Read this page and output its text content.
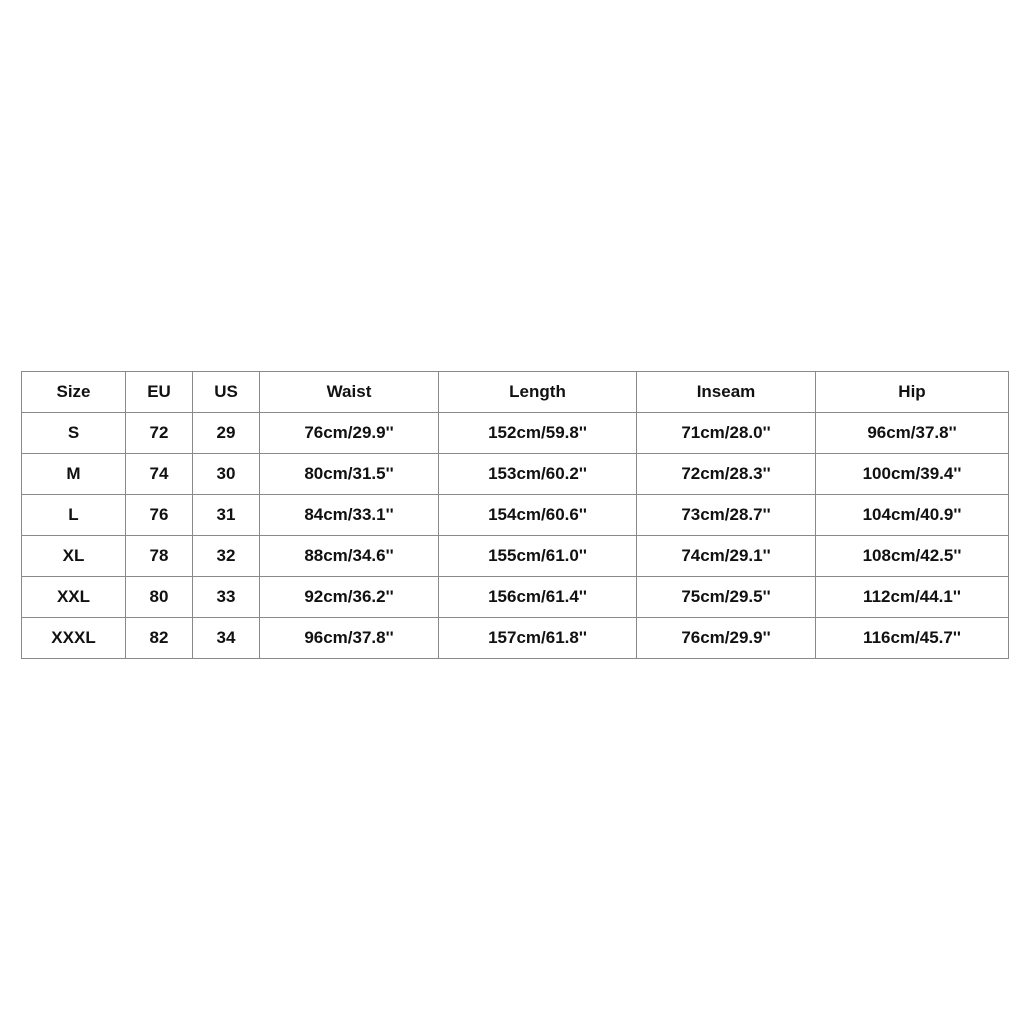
Size	EU	US	Waist	Length	Inseam	Hip
S	72	29	76cm/29.9''	152cm/59.8''	71cm/28.0''	96cm/37.8''
M	74	30	80cm/31.5''	153cm/60.2''	72cm/28.3''	100cm/39.4''
L	76	31	84cm/33.1''	154cm/60.6''	73cm/28.7''	104cm/40.9''
XL	78	32	88cm/34.6''	155cm/61.0''	74cm/29.1''	108cm/42.5''
XXL	80	33	92cm/36.2''	156cm/61.4''	75cm/29.5''	112cm/44.1''
XXXL	82	34	96cm/37.8''	157cm/61.8''	76cm/29.9''	116cm/45.7''
